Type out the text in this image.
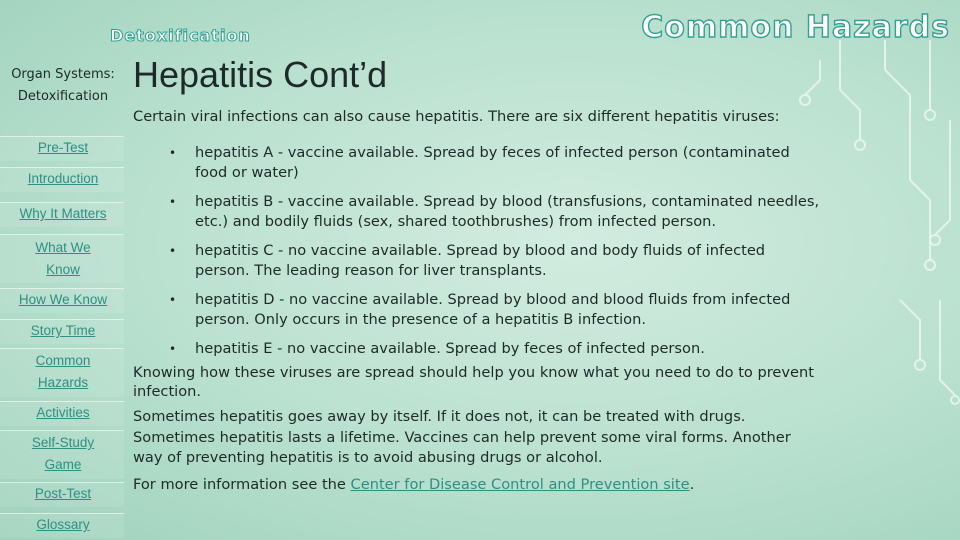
Detoxification	Common Hazards
Organ Systems: Detoxification
Pre-Test
Introduction
Why It Matters
What We Know
How We Know
Story Time
Common Hazards
Activities
Self-Study Game
Post-Test
Glossary
Hepatitis Cont’d

Certain viral infections can also cause hepatitis. There are six different hepatitis viruses:

• hepatitis A - vaccine available. Spread by feces of infected person (contaminated food or water)
• hepatitis B - vaccine available. Spread by blood (transfusions, contaminated needles, etc.) and bodily fluids (sex, shared toothbrushes) from infected person.
• hepatitis C - no vaccine available. Spread by blood and body fluids of infected person. The leading reason for liver transplants.
• hepatitis D - no vaccine available. Spread by blood and blood fluids from infected person. Only occurs in the presence of a hepatitis B infection.
• hepatitis E - no vaccine available. Spread by feces of infected person.

Knowing how these viruses are spread should help you know what you need to do to prevent infection.

Sometimes hepatitis goes away by itself. If it does not, it can be treated with drugs. Sometimes hepatitis lasts a lifetime. Vaccines can help prevent some viral forms. Another way of preventing hepatitis is to avoid abusing drugs or alcohol.

For more information see the Center for Disease Control and Prevention site.
